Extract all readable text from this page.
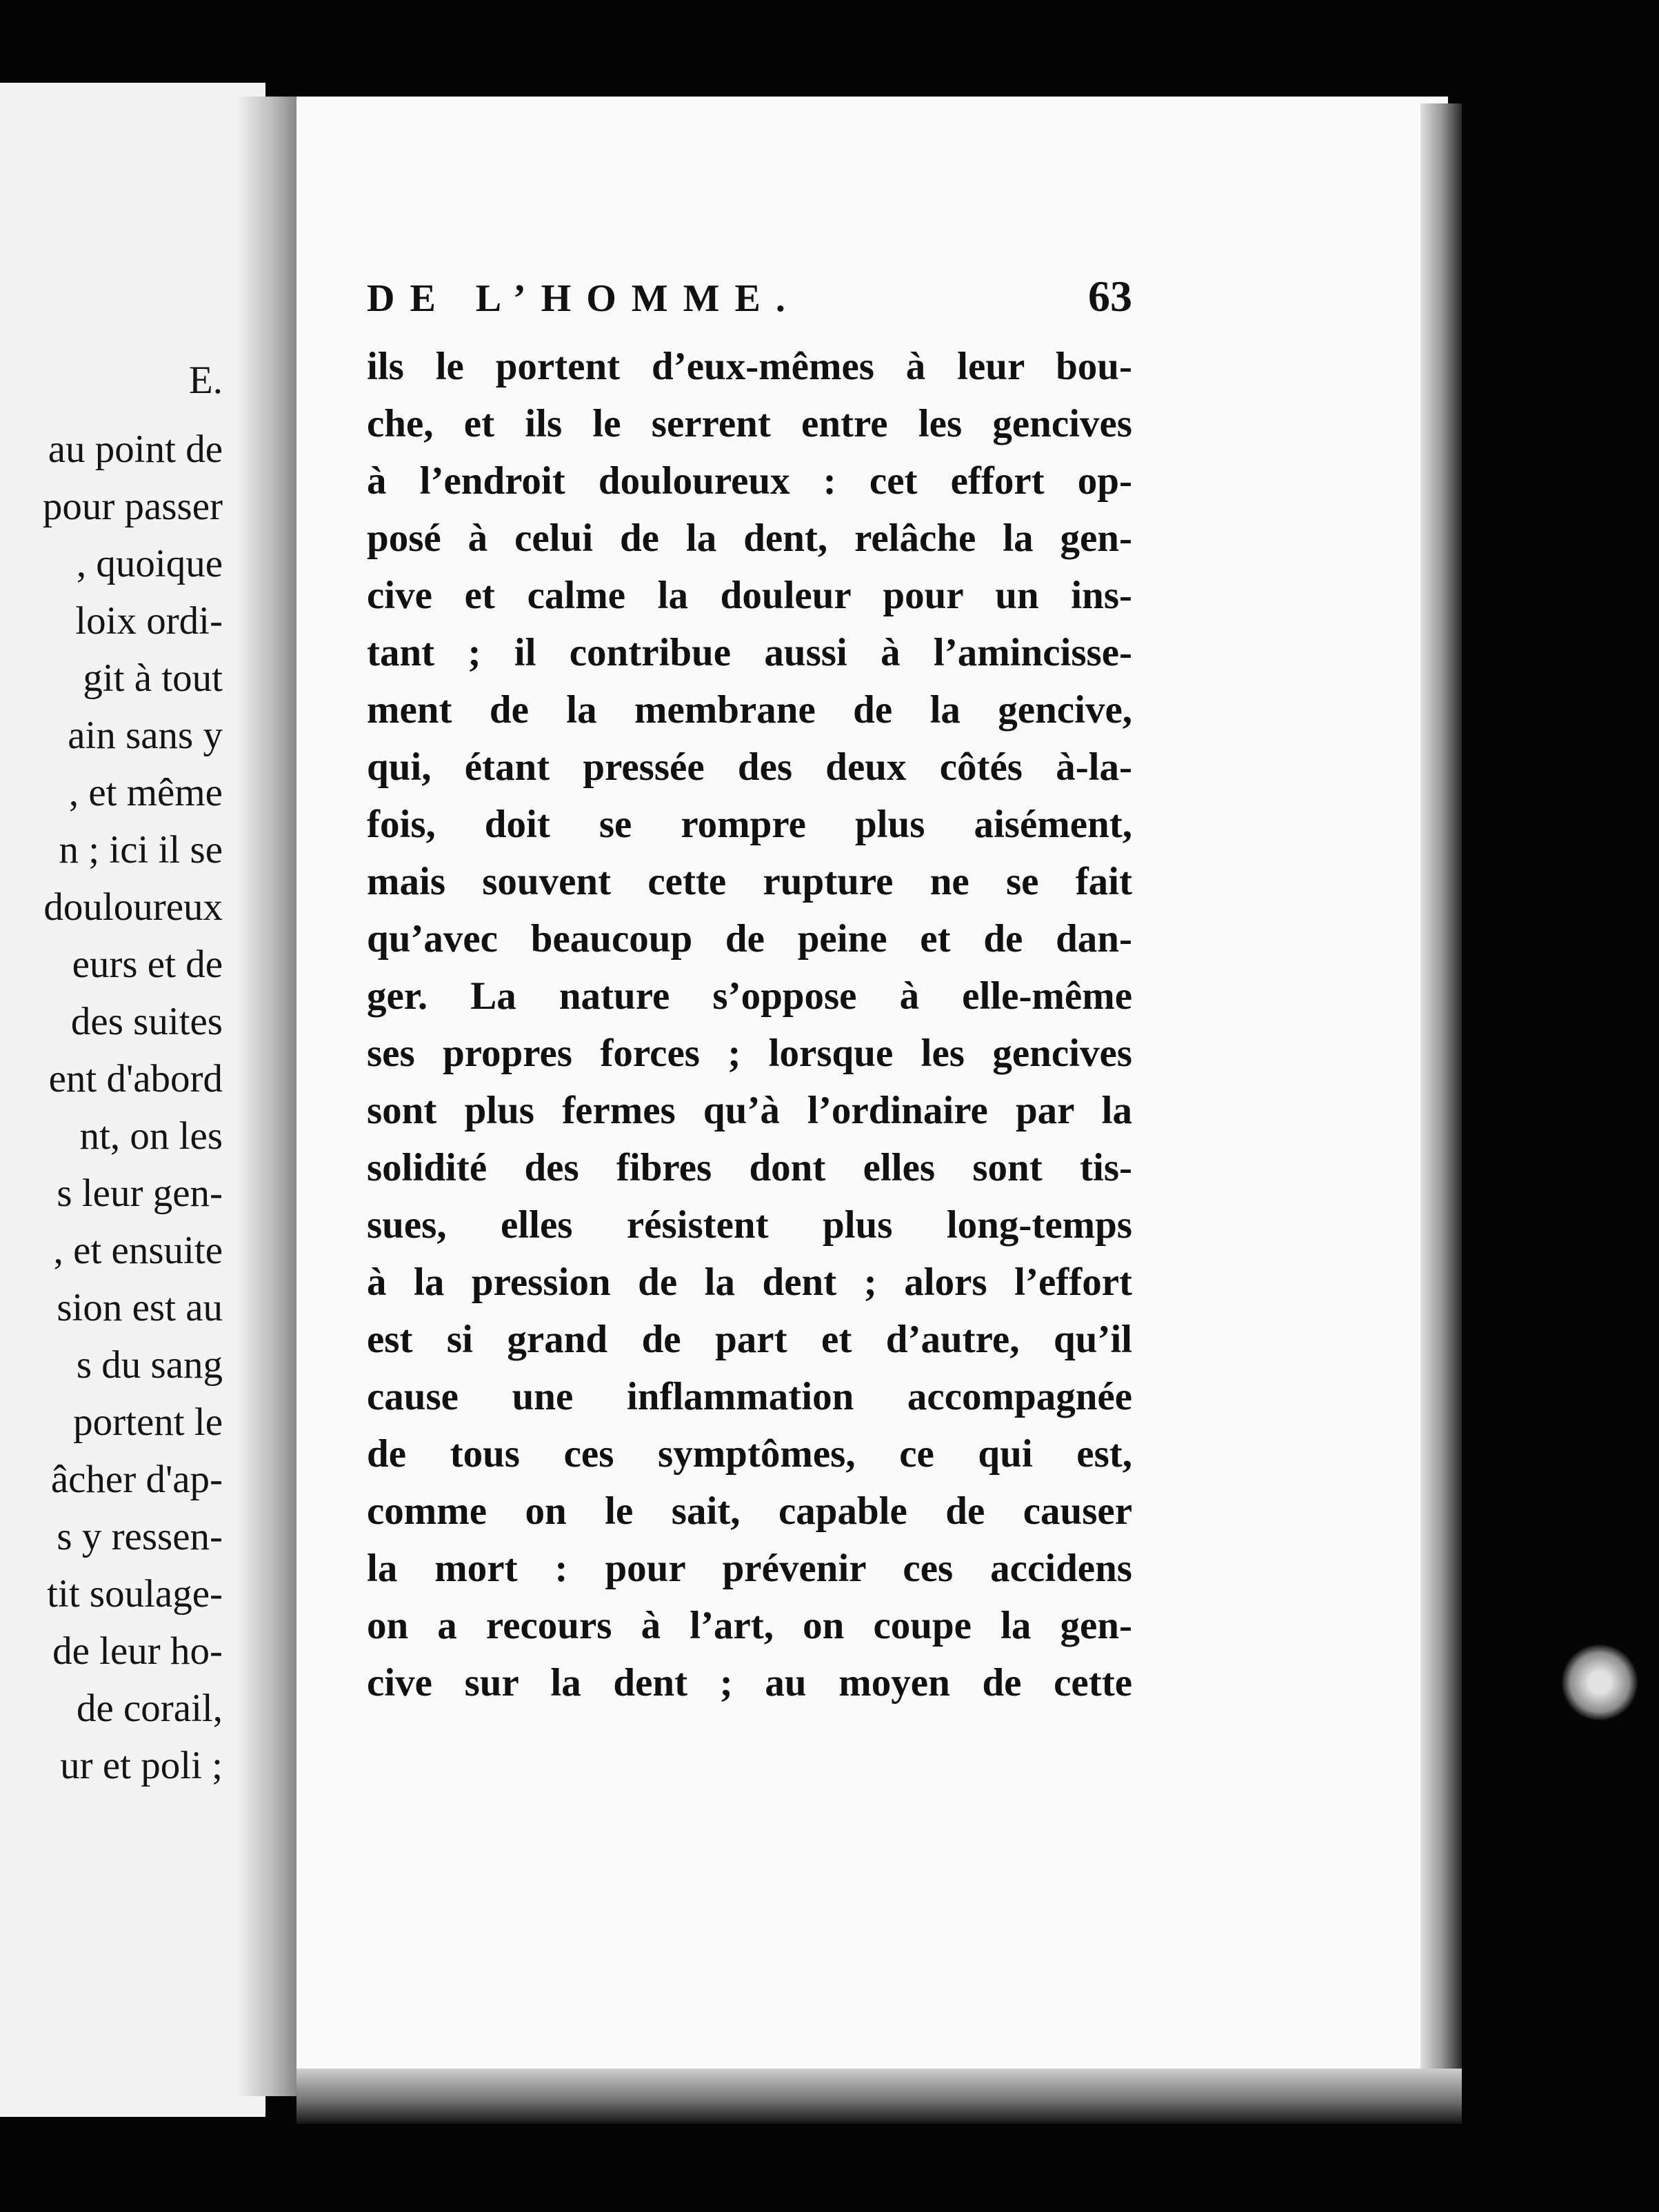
E.
au point de
pour passer
, quoique
loix ordi-
git à tout
ain sans y
, et même
n ; ici il se
douloureux
eurs et de
des suites
ent d'abord
nt, on les
s leur gen-
, et ensuite
sion est au
s du sang
portent le
âcher d'ap-
s y ressen-
tit soulage-
de leur ho-
de corail,
ur et poli ;
DE L’HOMME.	63
ils le portent d’eux-mêmes à leur bou-
che, et ils le serrent entre les gencives
à l’endroit douloureux : cet effort op-
posé à celui de la dent, relâche la gen-
cive et calme la douleur pour un ins-
tant ; il contribue aussi à l’amincisse-
ment de la membrane de la gencive,
qui, étant pressée des deux côtés à-la-
fois, doit se rompre plus aisément,
mais souvent cette rupture ne se fait
qu’avec beaucoup de peine et de dan-
ger. La nature s’oppose à elle-même
ses propres forces ; lorsque les gencives
sont plus fermes qu’à l’ordinaire par la
solidité des fibres dont elles sont tis-
sues, elles résistent plus long-temps
à la pression de la dent ; alors l’effort
est si grand de part et d’autre, qu’il
cause une inflammation accompagnée
de tous ces symptômes, ce qui est,
comme on le sait, capable de causer
la mort : pour prévenir ces accidens
on a recours à l’art, on coupe la gen-
cive sur la dent ; au moyen de cette
